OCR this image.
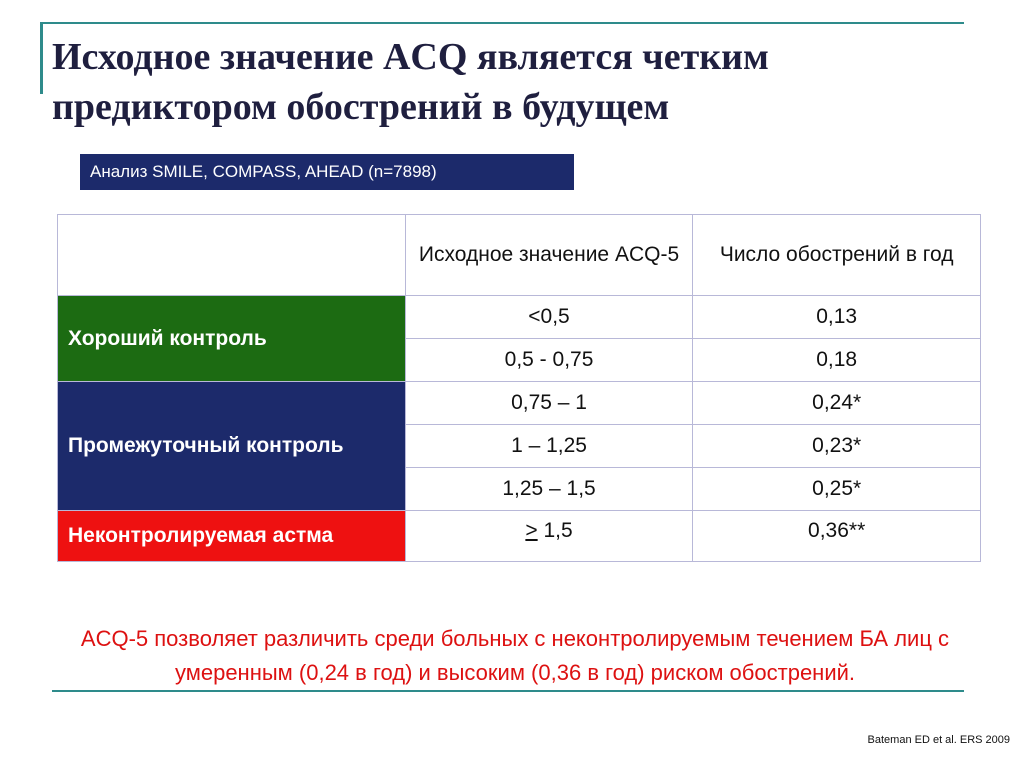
Исходное значение ACQ является четким предиктором обострений в будущем
Анализ SMILE, COMPASS, AHEAD (n=7898)
	Исходное значение ACQ-5	Число обострений в год
Хороший контроль	<0,5	0,13
	0,5 - 0,75	0,18
Промежуточный контроль	0,75 – 1	0,24*
	1 – 1,25	0,23*
	1,25 – 1,5	0,25*
Неконтролируемая астма	≥ 1,5	0,36**
ACQ-5 позволяет различить среди больных с неконтролируемым течением БА лиц с умеренным (0,24 в год) и высоким (0,36 в год) риском обострений.
Bateman ED et al. ERS 2009
